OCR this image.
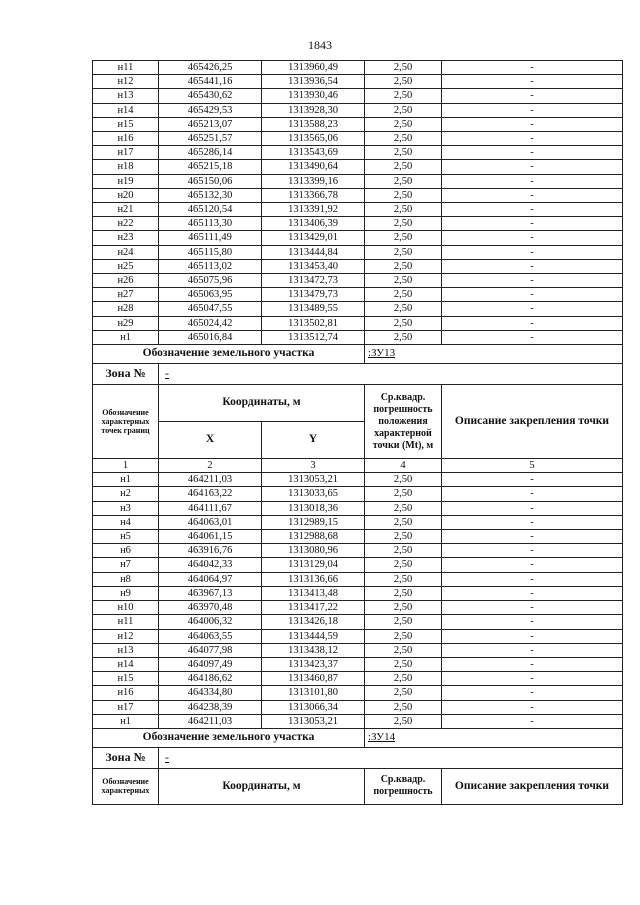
1843
н11	465426,25	1313960,49	2,50	-
н12	465441,16	1313936,54	2,50	-
н13	465430,62	1313930,46	2,50	-
н14	465429,53	1313928,30	2,50	-
н15	465213,07	1313588,23	2,50	-
н16	465251,57	1313565,06	2,50	-
н17	465286,14	1313543,69	2,50	-
н18	465215,18	1313490,64	2,50	-
н19	465150,06	1313399,16	2,50	-
н20	465132,30	1313366,78	2,50	-
н21	465120,54	1313391,92	2,50	-
н22	465113,30	1313406,39	2,50	-
н23	465111,49	1313429,01	2,50	-
н24	465115,80	1313444,84	2,50	-
н25	465113,02	1313453,40	2,50	-
н26	465075,96	1313472,73	2,50	-
н27	465063,95	1313479,73	2,50	-
н28	465047,55	1313489,55	2,50	-
н29	465024,42	1313502,81	2,50	-
н1	465016,84	1313512,74	2,50	-
Обозначение земельного участка			:ЗУ13	
Зона №	-			
Обозначение характерных точек границ	Координаты, м		Ср.квадр. погрешность положения характерной точки (Mt), м	Описание закрепления точки
	X	Y		
1	2	3	4	5
н1	464211,03	1313053,21	2,50	-
н2	464163,22	1313033,65	2,50	-
н3	464111,67	1313018,36	2,50	-
н4	464063,01	1312989,15	2,50	-
н5	464061,15	1312988,68	2,50	-
н6	463916,76	1313080,96	2,50	-
н7	464042,33	1313129,04	2,50	-
н8	464064,97	1313136,66	2,50	-
н9	463967,13	1313413,48	2,50	-
н10	463970,48	1313417,22	2,50	-
н11	464006,32	1313426,18	2,50	-
н12	464063,55	1313444,59	2,50	-
н13	464077,98	1313438,12	2,50	-
н14	464097,49	1313423,37	2,50	-
н15	464186,62	1313460,87	2,50	-
н16	464334,80	1313101,80	2,50	-
н17	464238,39	1313066,34	2,50	-
н1	464211,03	1313053,21	2,50	-
Обозначение земельного участка			:ЗУ14	
Зона №	-			
Обозначение характерных	Координаты, м		Ср.квадр. погрешность	Описание закрепления точки
